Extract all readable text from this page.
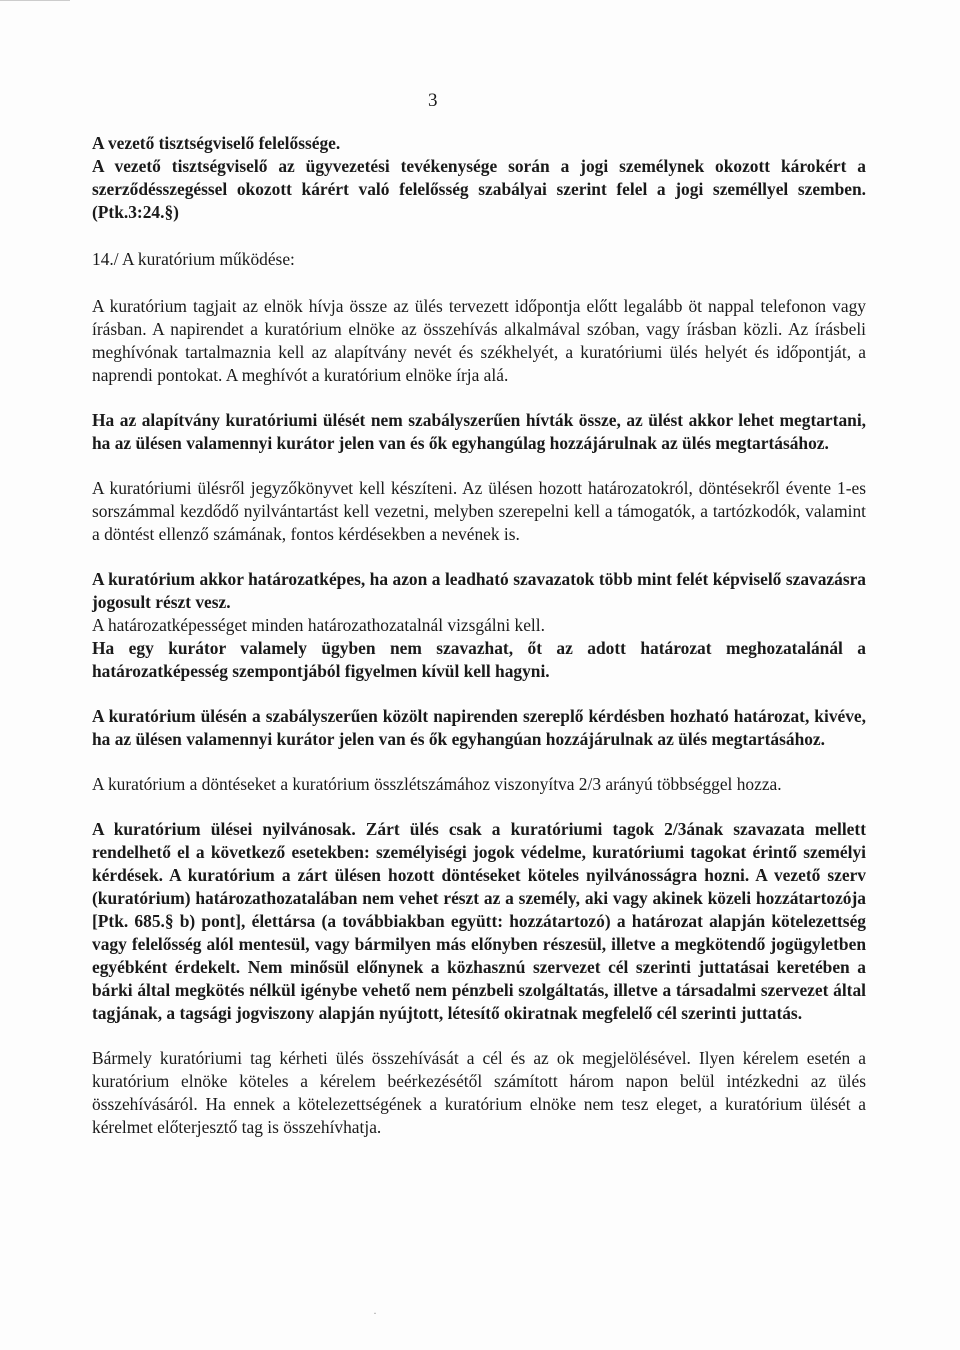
3

A vezető tisztségviselő felelőssége.

A vezető tisztségviselő az ügyvezetési tevékenysége során a jogi személynek okozott károkért a szerződésszegéssel okozott kárért való felelősség szabályai szerint felel a jogi személlyel szemben. (Ptk.3:24.§)

14./ A kuratórium működése:

A kuratórium tagjait az elnök hívja össze az ülés tervezett időpontja előtt legalább öt nappal telefonon vagy írásban. A napirendet a kuratórium elnöke az összehívás alkalmával szóban, vagy írásban közli. Az írásbeli meghívónak tartalmaznia kell az alapítvány nevét és székhelyét, a kuratóriumi ülés helyét és időpontját, a naprendi pontokat. A meghívót a kuratórium elnöke írja alá.

Ha az alapítvány kuratóriumi ülését nem szabályszerűen hívták össze, az ülést akkor lehet megtartani, ha az ülésen valamennyi kurátor jelen van és ők egyhangúlag hozzájárulnak az ülés megtartásához.

A kuratóriumi ülésről jegyzőkönyvet kell készíteni. Az ülésen hozott határozatokról, döntésekről évente 1-es sorszámmal kezdődő nyilvántartást kell vezetni, melyben szerepelni kell a támogatók, a tartózkodók, valamint a döntést ellenző számának, fontos kérdésekben a nevének is.

A kuratórium akkor határozatképes, ha azon a leadható szavazatok több mint felét képviselő szavazásra jogosult részt vesz.

A határozatképességet minden határozathozatalnál vizsgálni kell.

Ha egy kurátor valamely ügyben nem szavazhat, őt az adott határozat meghozatalánál a határozatképesség szempontjából figyelmen kívül kell hagyni.

A kuratórium ülésén a szabályszerűen közölt napirenden szereplő kérdésben hozható határozat, kivéve, ha az ülésen valamennyi kurátor jelen van és ők egyhangúan hozzájárulnak az ülés megtartásához.

A kuratórium a döntéseket a kuratórium összlétszámához viszonyítva 2/3 arányú többséggel hozza.

A kuratórium ülései nyilvánosak. Zárt ülés csak a kuratóriumi tagok 2/3ának szavazata mellett rendelhető el a következő esetekben: személyiségi jogok védelme, kuratóriumi tagokat érintő személyi kérdések. A kuratórium a zárt ülésen hozott döntéseket köteles nyilvánosságra hozni. A vezető szerv (kuratórium) határozathozatalában nem vehet részt az a személy, aki vagy akinek közeli hozzátartozója [Ptk. 685.§ b) pont], élettársa (a továbbiakban együtt: hozzátartozó) a határozat alapján kötelezettség vagy felelősség alól mentesül, vagy bármilyen más előnyben részesül, illetve a megkötendő jogügyletben egyébként érdekelt. Nem minősül előnynek a közhasznú szervezet cél szerinti juttatásai keretében a bárki által megkötés nélkül igénybe vehető nem pénzbeli szolgáltatás, illetve a társadalmi szervezet által tagjának, a tagsági jogviszony alapján nyújtott, létesítő okiratnak megfelelő cél szerinti juttatás.

Bármely kuratóriumi tag kérheti ülés összehívását a cél és az ok megjelölésével. Ilyen kérelem esetén a kuratórium elnöke köteles a kérelem beérkezésétől számított három napon belül intézkedni az ülés összehívásáról. Ha ennek a kötelezettségének a kuratórium elnöke nem tesz eleget, a kuratórium ülését a kérelmet előterjesztő tag is összehívhatja.

·
